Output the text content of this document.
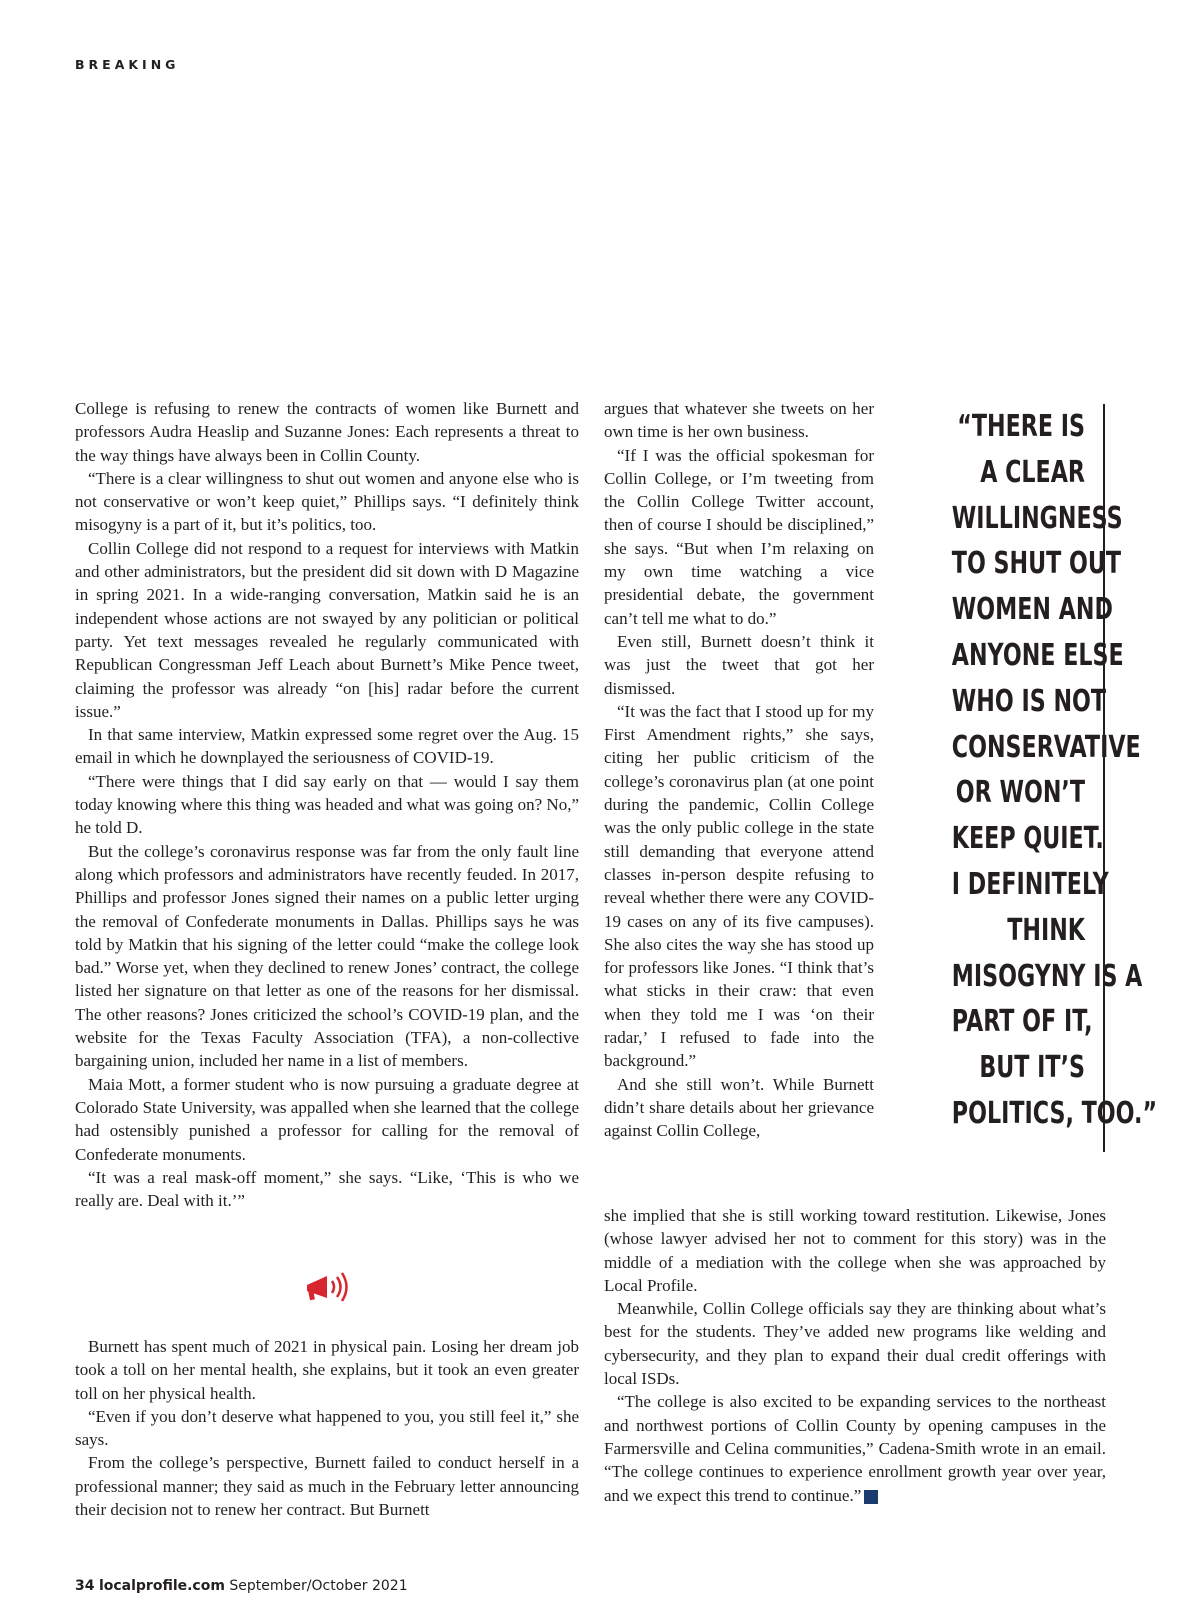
BREAKING

College is refusing to renew the contracts of women like Burnett and professors Audra Heaslip and Suzanne Jones: Each represents a threat to the way things have always been in Collin County.

“There is a clear willingness to shut out women and anyone else who is not conservative or won’t keep quiet,” Phillips says. “I definitely think misogyny is a part of it, but it’s politics, too.

Collin College did not respond to a request for interviews with Matkin and other administrators, but the president did sit down with D Magazine in spring 2021. In a wide-ranging conversation, Matkin said he is an independent whose actions are not swayed by any politician or political party. Yet text messages revealed he regularly communicated with Republican Congressman Jeff Leach about Burnett’s Mike Pence tweet, claiming the professor was already “on [his] radar before the current issue.”

In that same interview, Matkin expressed some regret over the Aug. 15 email in which he downplayed the seriousness of COVID-19.

“There were things that I did say early on that — would I say them today knowing where this thing was headed and what was going on? No,” he told D.

But the college’s coronavirus response was far from the only fault line along which professors and administrators have recently feuded. In 2017, Phillips and professor Jones signed their names on a public letter urging the removal of Confederate monuments in Dallas. Phillips says he was told by Matkin that his signing of the letter could “make the college look bad.” Worse yet, when they declined to renew Jones’ contract, the college listed her signature on that letter as one of the reasons for her dismissal. The other reasons? Jones criticized the school’s COVID-19 plan, and the website for the Texas Faculty Association (TFA), a non-collective bargaining union, included her name in a list of members.

Maia Mott, a former student who is now pursuing a graduate degree at Colorado State University, was appalled when she learned that the college had ostensibly punished a professor for calling for the removal of Confederate monuments.

“It was a real mask-off moment,” she says. “Like, ‘This is who we really are. Deal with it.’”

Burnett has spent much of 2021 in physical pain. Losing her dream job took a toll on her mental health, she explains, but it took an even greater toll on her physical health.

“Even if you don’t deserve what happened to you, you still feel it,” she says.

From the college’s perspective, Burnett failed to conduct herself in a professional manner; they said as much in the February letter announcing their decision not to renew her contract. But Burnett

argues that whatever she tweets on her own time is her own business.

“If I was the official spokesman for Collin College, or I’m tweeting from the Collin College Twitter account, then of course I should be disciplined,” she says. “But when I’m relaxing on my own time watching a vice presidential debate, the government can’t tell me what to do.”

Even still, Burnett doesn’t think it was just the tweet that got her dismissed.

“It was the fact that I stood up for my First Amendment rights,” she says, citing her public criticism of the college’s coronavirus plan (at one point during the pandemic, Collin College was the only public college in the state still demanding that everyone attend classes in-person despite refusing to reveal whether there were any COVID-19 cases on any of its five campuses). She also cites the way she has stood up for professors like Jones. “I think that’s what sticks in their craw: that even when they told me I was ‘on their radar,’ I refused to fade into the background.”

And she still won’t. While Burnett didn’t share details about her grievance against Collin College,

“THERE IS
A CLEAR
WILLINGNESS
TO SHUT OUT
WOMEN AND
ANYONE ELSE
WHO IS NOT
CONSERVATIVE
OR WON’T
KEEP QUIET.
I DEFINITELY
THINK
MISOGYNY IS A
PART OF IT,
BUT IT’S
POLITICS, TOO.”

she implied that she is still working toward restitution. Likewise, Jones (whose lawyer advised her not to comment for this story) was in the middle of a mediation with the college when she was approached by Local Profile.

Meanwhile, Collin College officials say they are thinking about what’s best for the students. They’ve added new programs like welding and cybersecurity, and they plan to expand their dual credit offerings with local ISDs.

“The college is also excited to be expanding services to the northeast and northwest portions of Collin County by opening campuses in the Farmersville and Celina communities,” Cadena-Smith wrote in an email. “The college continues to experience enrollment growth year over year, and we expect this trend to continue.” LP

34 localprofile.com September/October 2021
